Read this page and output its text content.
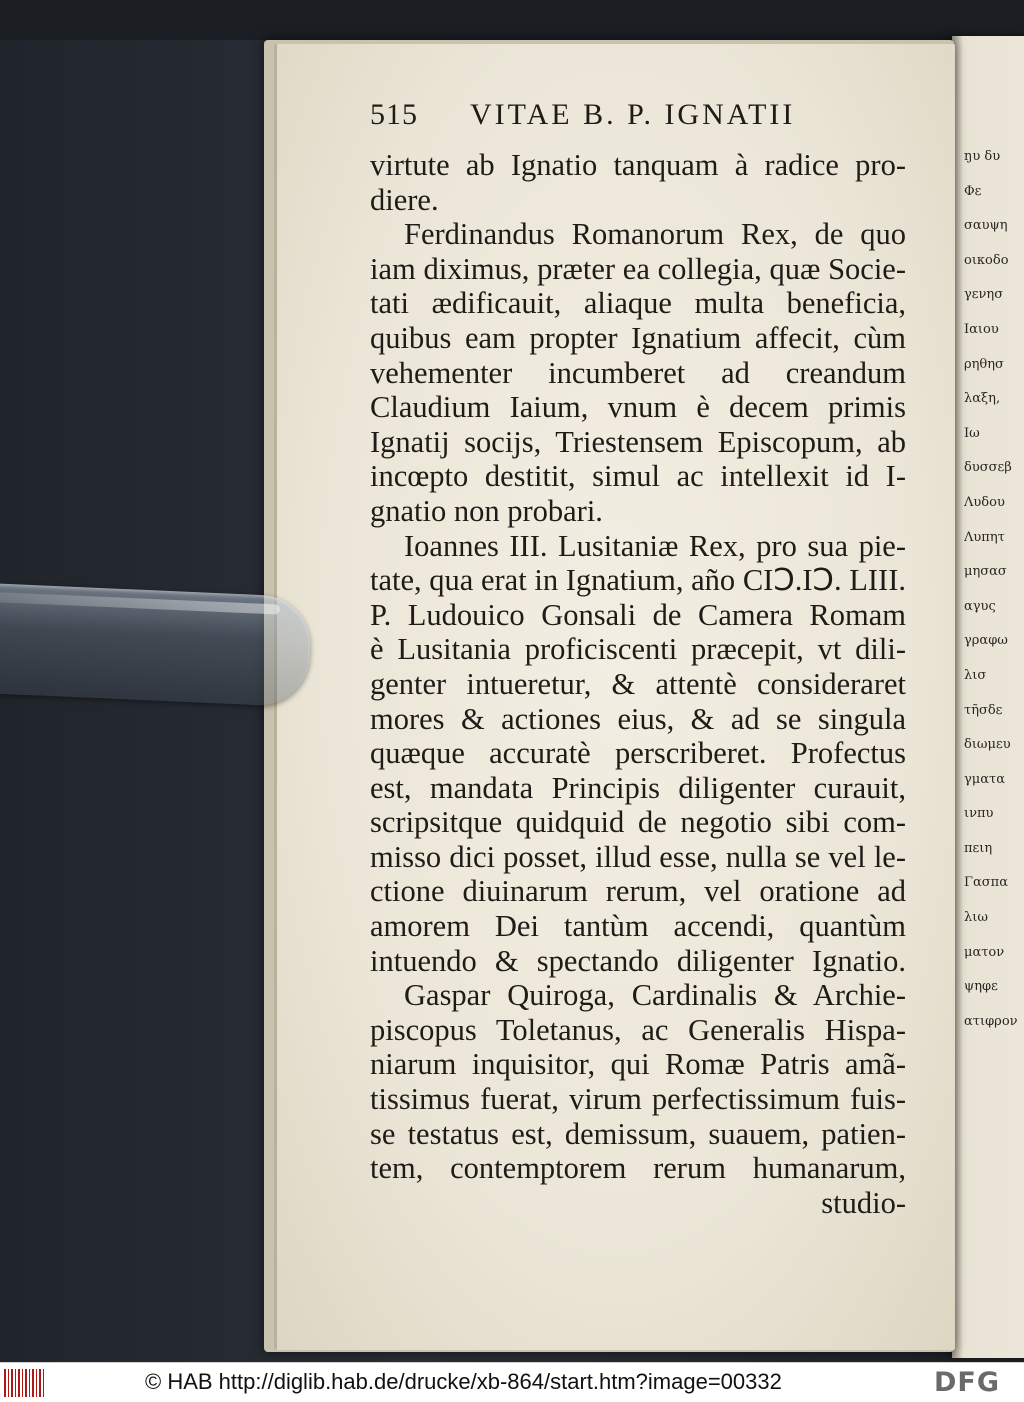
ŋυ δυ
Φε
σαυψη
οικοδο
γενησ
Ιαιου
ρηθησ
λαξη,
Ιω
δυσσεβ
Λυδου
Λυπητ
μησασ
αγυς
γραφω
λισ
τῆσδε
διωμευ
γματα
ινπυ
πειη
Γασπα
λιω
ματον
ψηφε
ατιφρον
515 VITAE B. P. IGNATII
virtute ab Ignatio tanquam à radice pro-
diere.
Ferdinandus Romanorum Rex, de quo
iam diximus, præter ea collegia, quæ Socie-
tati ædificauit, aliaque multa beneficia,
quibus eam propter Ignatium affecit, cùm
vehementer incumberet ad creandum
Claudium Iaium, vnum è decem primis
Ignatij socijs, Triestensem Episcopum, ab
incœpto destitit, simul ac intellexit id I-
gnatio non probari.
Ioannes III. Lusitaniæ Rex, pro sua pie-
tate, qua erat in Ignatium, año CIↃ.IↃ. LIII.
P. Ludouico Gonsali de Camera Romam
è Lusitania proficiscenti præcepit, vt dili-
genter intueretur, & attentè consideraret
mores & actiones eius, & ad se singula
quæque accuratè perscriberet. Profectus
est, mandata Principis diligenter curauit,
scripsitque quidquid de negotio sibi com-
misso dici posset, illud esse, nulla se vel le-
ctione diuinarum rerum, vel oratione ad
amorem Dei tantùm accendi, quantùm
intuendo & spectando diligenter Ignatio.
Gaspar Quiroga, Cardinalis & Archie-
piscopus Toletanus, ac Generalis Hispa-
niarum inquisitor, qui Romæ Patris amã-
tissimus fuerat, virum perfectissimum fuis-
se testatus est, demissum, suauem, patien-
tem, contemptorem rerum humanarum,
studio-
© HAB http://diglib.hab.de/drucke/xb-864/start.htm?image=00332	DFG
